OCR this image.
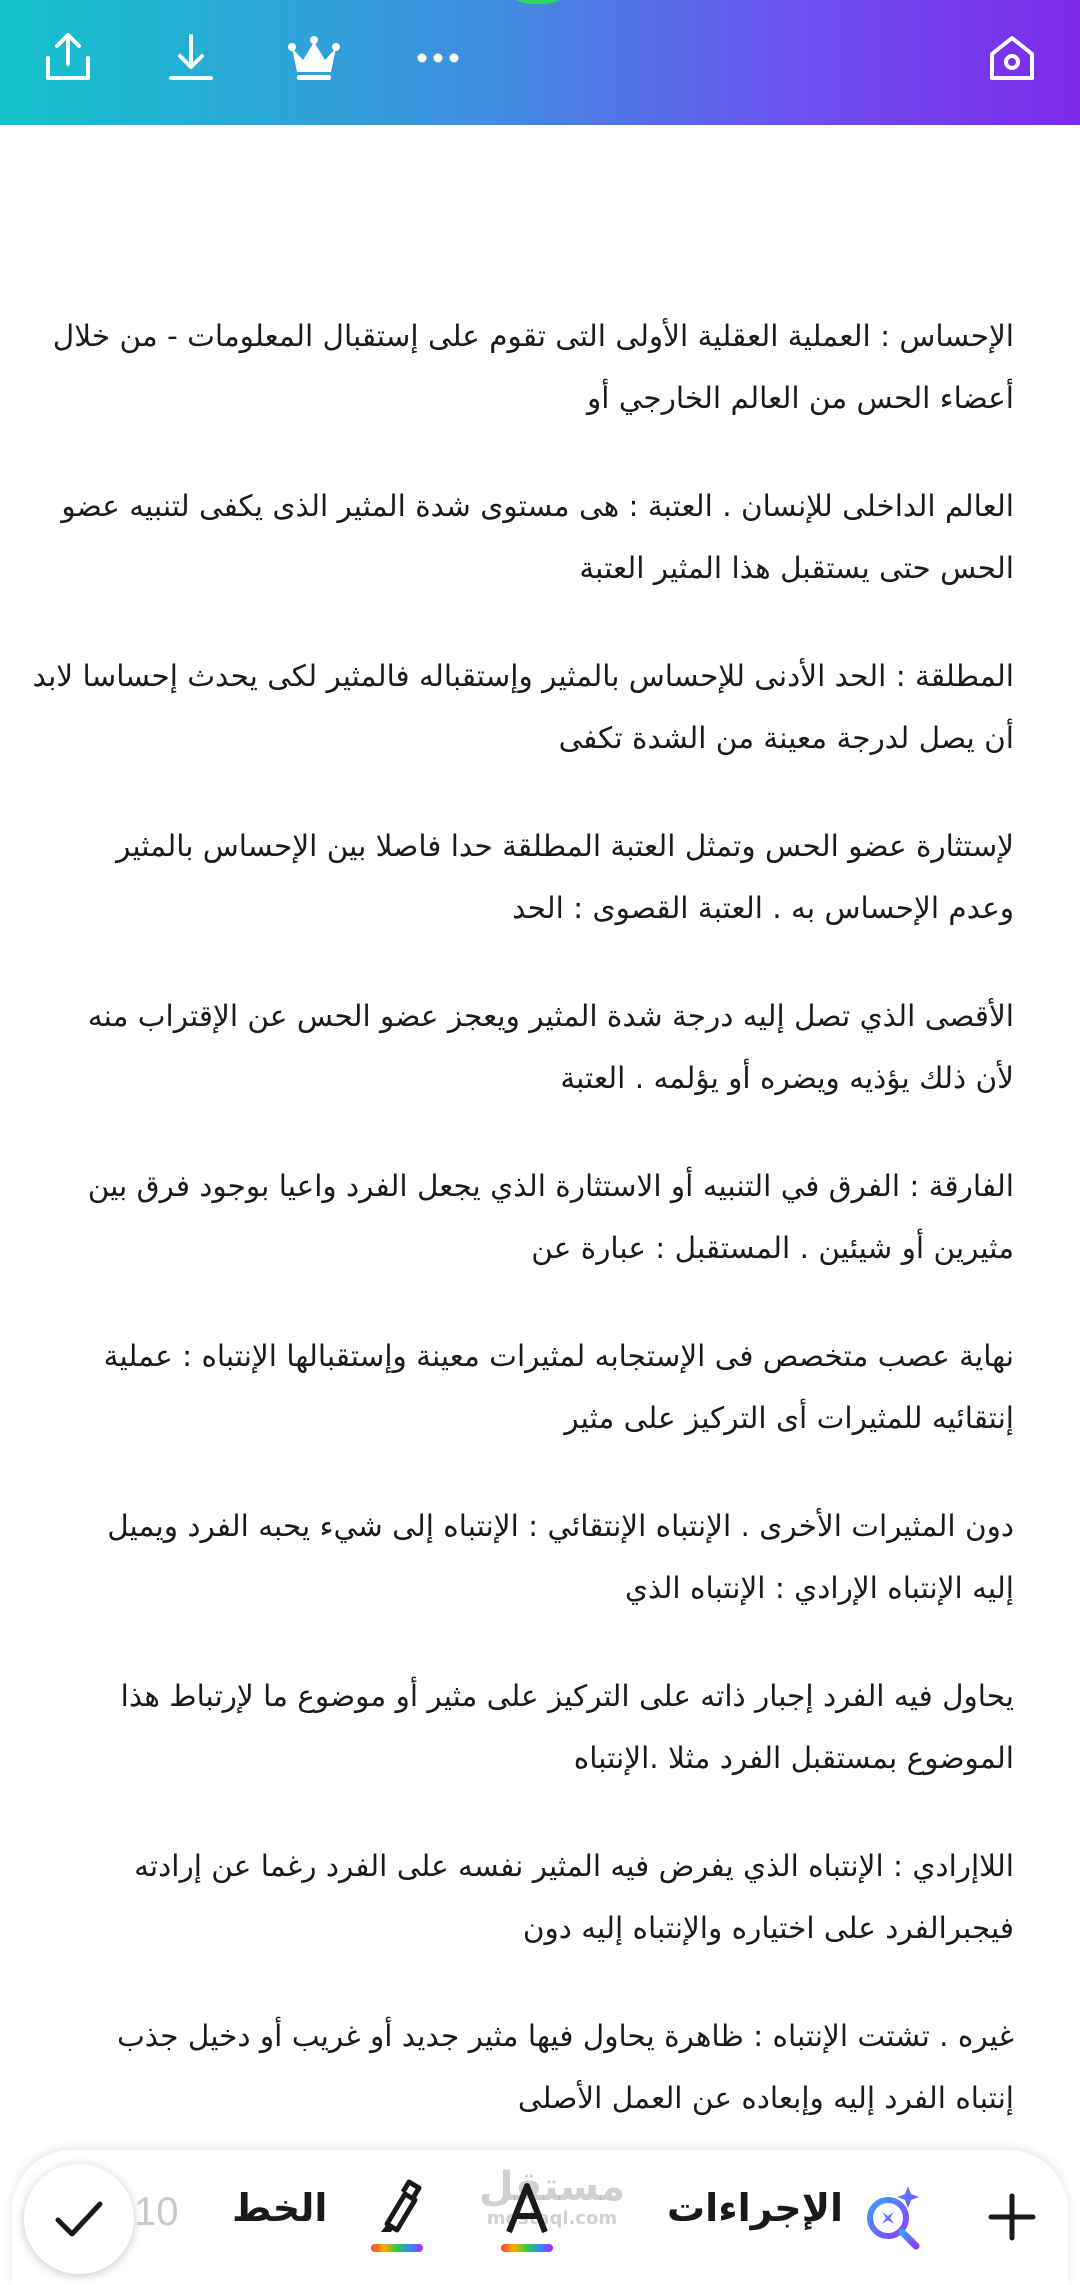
الإحساس : العملية العقلية الأولى التى تقوم على إستقبال المعلومات - من خلال
أعضاء الحس من العالم الخارجي أو
العالم الداخلى للإنسان . العتبة : هى مستوى شدة المثير الذى يكفى لتنبيه عضو
الحس حتى يستقبل هذا المثير العتبة
المطلقة : الحد الأدنى للإحساس بالمثير وإستقباله فالمثير لكى يحدث إحساسا لابد
أن يصل لدرجة معينة من الشدة تكفى
لإستثارة عضو الحس وتمثل العتبة المطلقة حدا فاصلا بين الإحساس بالمثير
وعدم الإحساس به . العتبة القصوى : الحد
الأقصى الذي تصل إليه درجة شدة المثير ويعجز عضو الحس عن الإقتراب منه
لأن ذلك يؤذيه ويضره أو يؤلمه . العتبة
الفارقة : الفرق في التنبيه أو الاستثارة الذي يجعل الفرد واعيا بوجود فرق بين
مثيرين أو شيئين . المستقبل : عبارة عن
نهاية عصب متخصص فى الإستجابه لمثيرات معينة وإستقبالها الإنتباه : عملية
إنتقائيه للمثيرات أى التركيز على مثير
دون المثيرات الأخرى . الإنتباه الإنتقائي : الإنتباه إلى شيء يحبه الفرد ويميل
إليه الإنتباه الإرادي : الإنتباه الذي
يحاول فيه الفرد إجبار ذاته على التركيز على مثير أو موضوع ما لإرتباط هذا
الموضوع بمستقبل الفرد مثلا .الإنتباه
اللاإرادي : الإنتباه الذي يفرض فيه المثير نفسه على الفرد رغما عن إرادته
فيجبرالفرد على اختياره والإنتباه إليه دون
غيره . تشتت الإنتباه : ظاهرة يحاول فيها مثير جديد أو غريب أو دخيل جذب
إنتباه الفرد إليه وإبعاده عن العمل الأصلى
10 الخط	مستقل
mostaql.com الإجراءات
